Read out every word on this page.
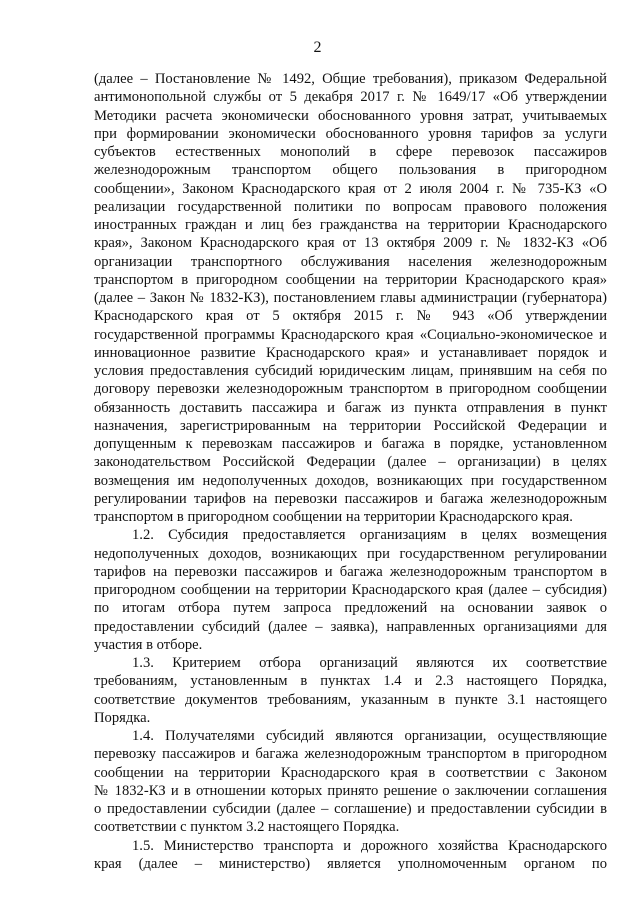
2
(далее – Постановление № 1492, Общие требования), приказом Федеральной
антимонопольной службы от 5 декабря 2017 г. № 1649/17 «Об утверждении
Методики расчета экономически обоснованного уровня затрат, учитываемых
при формировании экономически обоснованного уровня тарифов за услуги
субъектов естественных монополий в сфере перевозок пассажиров
железнодорожным транспортом общего пользования в пригородном
сообщении», Законом Краснодарского края от 2 июля 2004 г. № 735-КЗ «О
реализации государственной политики по вопросам правового положения
иностранных граждан и лиц без гражданства на территории Краснодарского
края», Законом Краснодарского края от 13 октября 2009 г. № 1832-КЗ «Об
организации транспортного обслуживания населения железнодорожным
транспортом в пригородном сообщении на территории Краснодарского края»
(далее – Закон № 1832-КЗ), постановлением главы администрации (губернатора)
Краснодарского края от 5 октября 2015 г. № 943 «Об утверждении
государственной программы Краснодарского края «Социально-экономическое и
инновационное развитие Краснодарского края» и устанавливает порядок и
условия предоставления субсидий юридическим лицам, принявшим на себя по
договору перевозки железнодорожным транспортом в пригородном сообщении
обязанность доставить пассажира и багаж из пункта отправления в пункт
назначения, зарегистрированным на территории Российской Федерации и
допущенным к перевозкам пассажиров и багажа в порядке, установленном
законодательством Российской Федерации (далее – организации) в целях
возмещения им недополученных доходов, возникающих при государственном
регулировании тарифов на перевозки пассажиров и багажа железнодорожным
транспортом в пригородном сообщении на территории Краснодарского края.
1.2. Субсидия предоставляется организациям в целях возмещения
недополученных доходов, возникающих при государственном регулировании
тарифов на перевозки пассажиров и багажа железнодорожным транспортом в
пригородном сообщении на территории Краснодарского края (далее – субсидия)
по итогам отбора путем запроса предложений на основании заявок о
предоставлении субсидий (далее – заявка), направленных организациями для
участия в отборе.
1.3. Критерием отбора организаций являются их соответствие
требованиям, установленным в пунктах 1.4 и 2.3 настоящего Порядка,
соответствие документов требованиям, указанным в пункте 3.1 настоящего
Порядка.
1.4. Получателями субсидий являются организации, осуществляющие
перевозку пассажиров и багажа железнодорожным транспортом в пригородном
сообщении на территории Краснодарского края в соответствии с Законом
№ 1832-КЗ и в отношении которых принято решение о заключении соглашения
о предоставлении субсидии (далее – соглашение) и предоставлении субсидии в
соответствии с пунктом 3.2 настоящего Порядка.
1.5. Министерство транспорта и дорожного хозяйства Краснодарского
края (далее – министерство) является уполномоченным органом по
